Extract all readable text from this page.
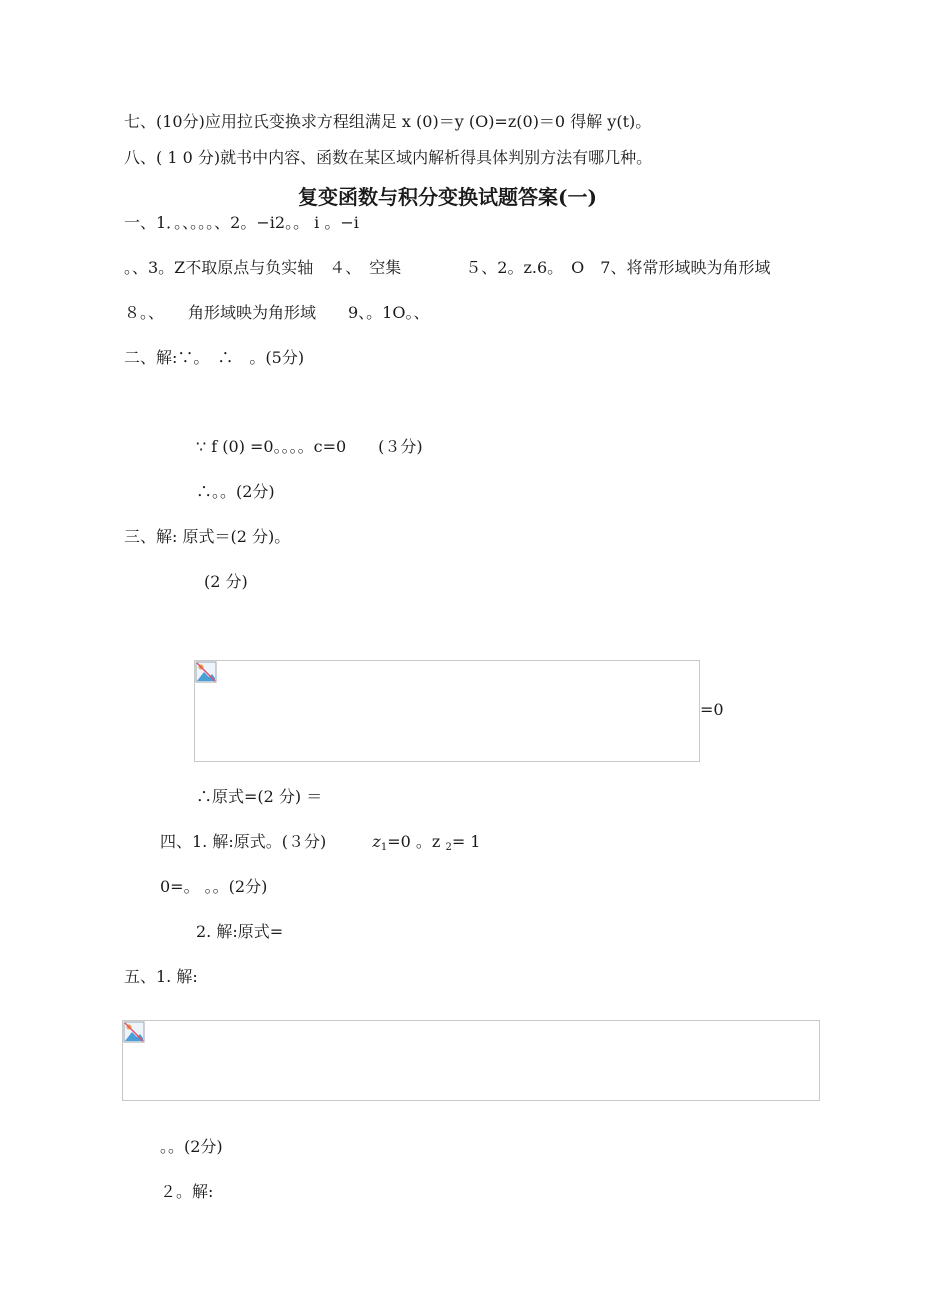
七、(10分)应用拉氏变换求方程组满足 x (0)＝y (O)=z(0)＝0 得解 y(t)。
八、( 1 0 分)就书中内容、函数在某区域内解析得具体判别方法有哪几种。
复变函数与积分变换试题答案(一)
一、1．。、。。。、2。−i2。。 i 。−i
。、3。Z不取原点与负实轴　４、　空集　　　　５、2。z.6。　O　7、将常形域映为角形域
８。、　　角形域映为角形域　　9、。1O。、
二、解:∵。　∴　。(5分)
∵ f (0) =0。。。。c=0　　(３分)
∴。。(2分)
三、解: 原式＝(2 分)。
(2 分)
=0
∴原式=(2 分) ＝
四、1. 解:原式。(３分)	$z_1=0$ 。z $_2$= 1
0=。 。。(2分)
2. 解:原式=
五、1. 解:
。。(2分)
２。解:
